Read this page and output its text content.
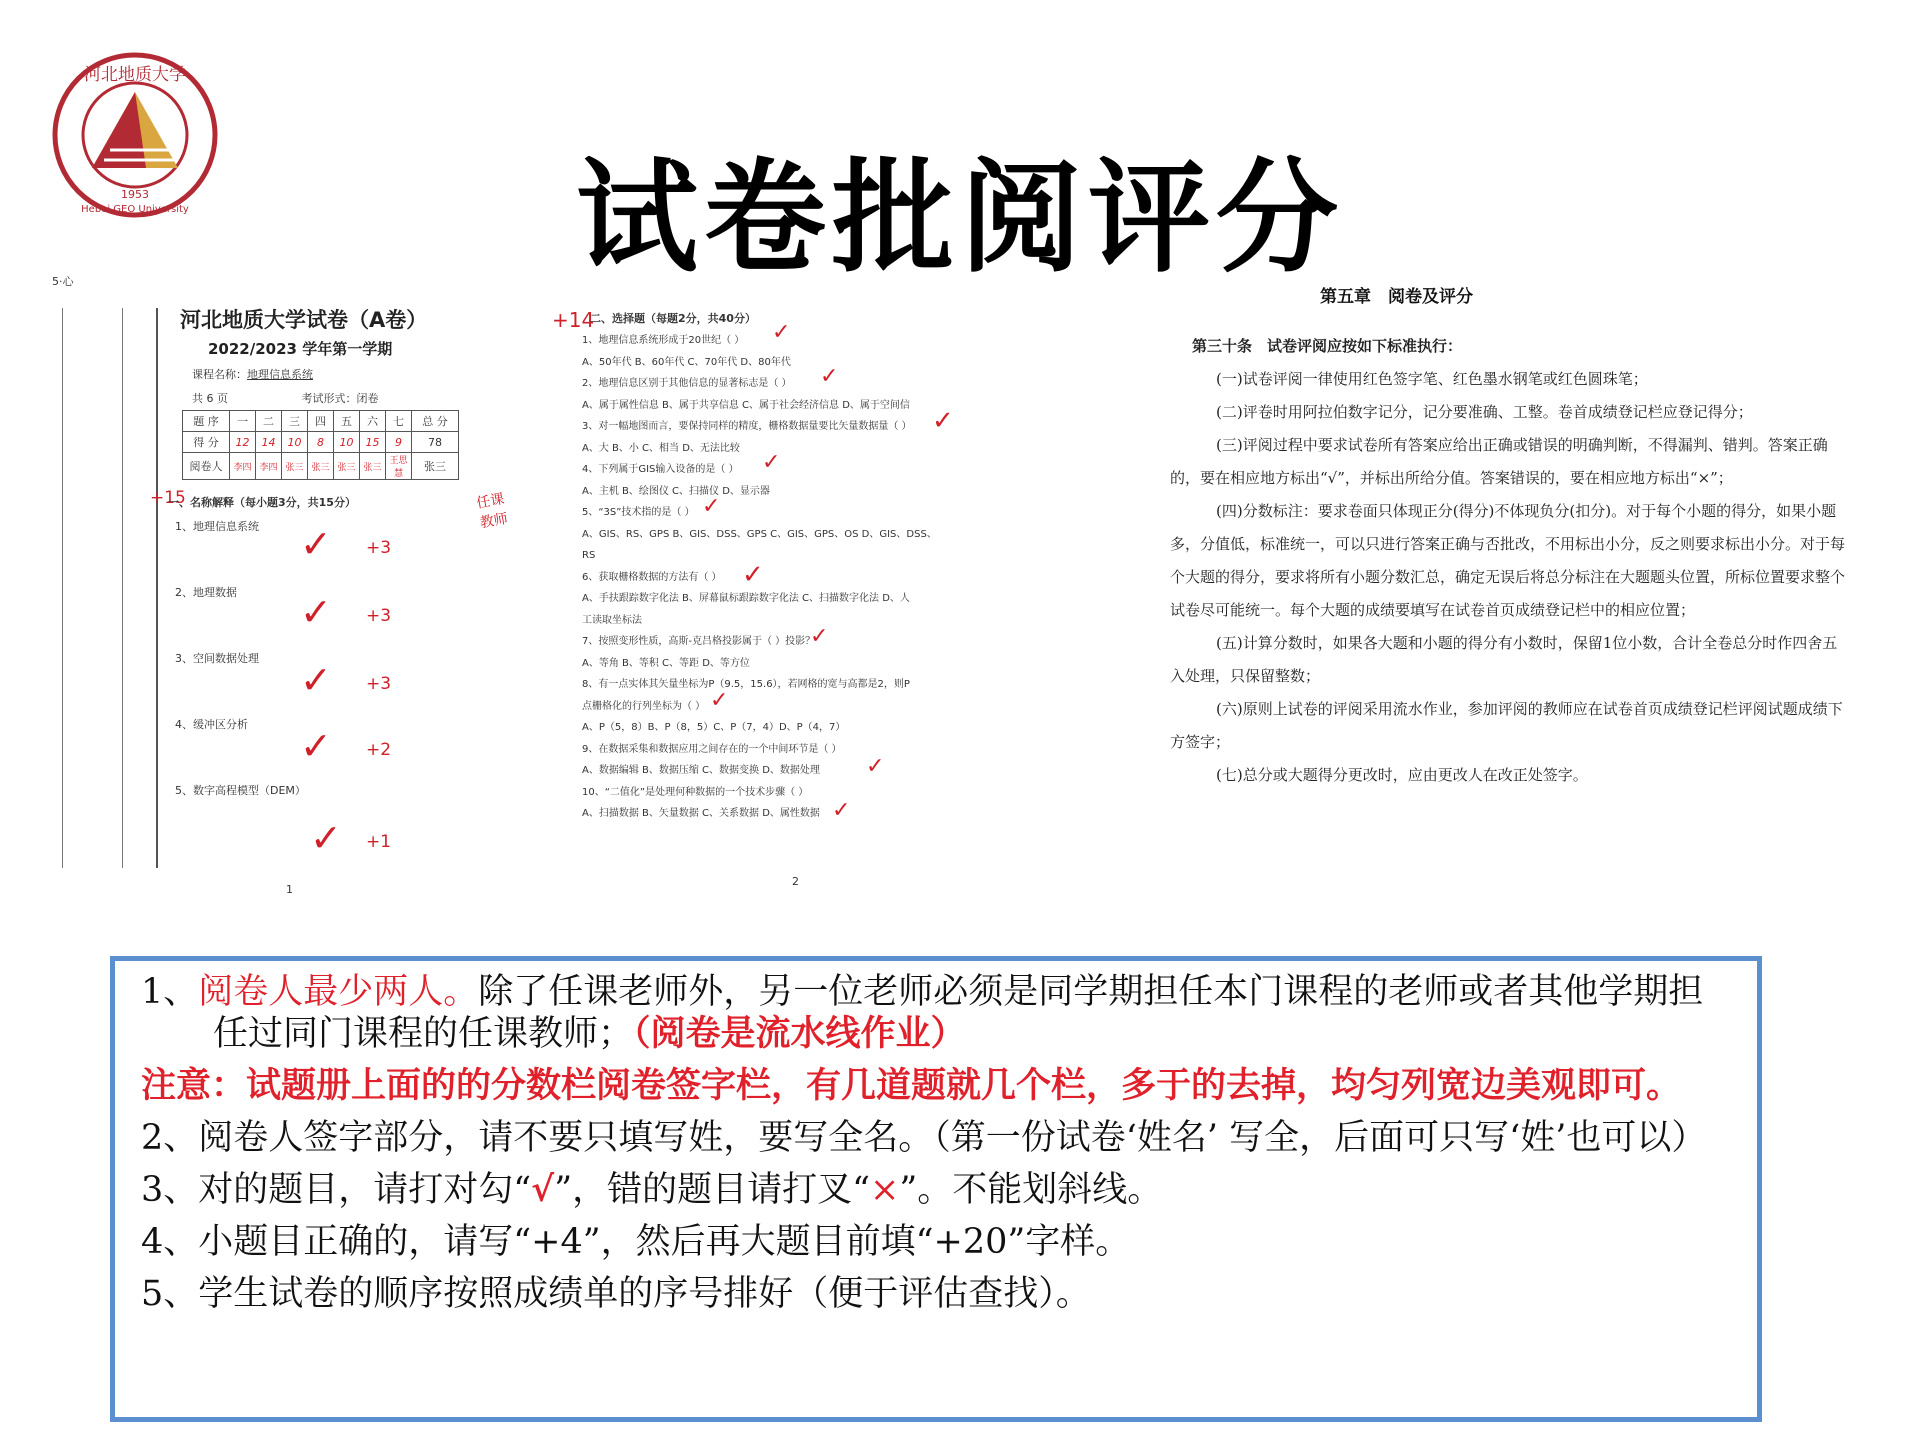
1953
河北地质大学
Hebei GEO University	试卷批阅评分
5·心
河北地质大学试卷（A卷）
2022/2023 学年第一学期
课程名称：地理信息系统
共 6 页	考试形式：闭卷
题 序	一	二	三	四	五	六	七	总 分
得 分	12	14	10	8	10	15	9	78
阅卷人	李四	李四	张三	张三	张三	张三	王思慧	张三
任课教师
+15
一、名称解释（每小题3分，共15分）
1、地理信息系统
2、地理数据
3、空间数据处理
4、缓冲区分析
5、数字高程模型（DEM）
✓
✓
✓
✓
✓
+3
+3
+3
+2
+1
1
+14
二、选择题（每题2分，共40分）
1、地理信息系统形成于20世纪（ ）
A、50年代 B、60年代 C、70年代 D、80年代
2、地理信息区别于其他信息的显著标志是（ ）
A、属于属性信息 B、属于共享信息 C、属于社会经济信息 D、属于空间信
3、对一幅地图而言，要保持同样的精度，栅格数据量要比矢量数据量（ ）
A、大 B、小 C、相当 D、无法比较
4、下列属于GIS输入设备的是（ ）
A、主机 B、绘图仪 C、扫描仪 D、显示器
5、“3S”技术指的是（ ）
A、GIS、RS、GPS B、GIS、DSS、GPS C、GIS、GPS、OS D、GIS、DSS、
RS
6、获取栅格数据的方法有（ ）
A、手扶跟踪数字化法 B、屏幕鼠标跟踪数字化法 C、扫描数字化法 D、人
工读取坐标法
7、按照变形性质，高斯-克吕格投影属于（ ）投影？
A、等角 B、等积 C、等距 D、等方位
8、有一点实体其矢量坐标为P（9.5，15.6），若网格的宽与高都是2，则P
点栅格化的行列坐标为（ ）
A、P（5，8）B、P（8，5）C、P（7，4）D、P（4，7）
9、在数据采集和数据应用之间存在的一个中间环节是（ ）
A、数据编辑 B、数据压缩 C、数据变换 D、数据处理
10、“二值化”是处理何种数据的一个技术步骤（ ）
A、扫描数据 B、矢量数据 C、关系数据 D、属性数据
✓
✓
✓
✓
✓
✓
✓
✓
✓
✓
2
第五章　阅卷及评分
第三十条　试卷评阅应按如下标准执行：
(一)试卷评阅一律使用红色签字笔、红色墨水钢笔或红色圆珠笔；
(二)评卷时用阿拉伯数字记分，记分要准确、工整。卷首成绩登记栏应登记得分；
(三)评阅过程中要求试卷所有答案应给出正确或错误的明确判断，不得漏判、错判。答案正确的，要在相应地方标出“√”，并标出所给分值。答案错误的，要在相应地方标出“×”；
(四)分数标注：要求卷面只体现正分(得分)不体现负分(扣分)。对于每个小题的得分，如果小题多，分值低，标准统一，可以只进行答案正确与否批改，不用标出小分，反之则要求标出小分。对于每个大题的得分，要求将所有小题分数汇总，确定无误后将总分标注在大题题头位置，所标位置要求整个试卷尽可能统一。每个大题的成绩要填写在试卷首页成绩登记栏中的相应位置；
(五)计算分数时，如果各大题和小题的得分有小数时，保留1位小数，合计全卷总分时作四舍五入处理，只保留整数；
(六)原则上试卷的评阅采用流水作业，参加评阅的教师应在试卷首页成绩登记栏评阅试题成绩下方签字；
(七)总分或大题得分更改时，应由更改人在改正处签字。

1、阅卷人最少两人。除了任课老师外，另一位老师必须是同学期担任本门课程的老师或者其他学期担任过同门课程的任课教师；（阅卷是流水线作业）

注意：试题册上面的的分数栏阅卷签字栏，有几道题就几个栏，多于的去掉，均匀列宽边美观即可。

2、阅卷人签字部分，请不要只填写姓，要写全名。（第一份试卷‘姓名’ 写全，后面可只写‘姓’也可以）

3、对的题目，请打对勾“√”，错的题目请打叉“×”。不能划斜线。

4、小题目正确的，请写“+4”，然后再大题目前填“+20”字样。

5、学生试卷的顺序按照成绩单的序号排好（便于评估查找）。
